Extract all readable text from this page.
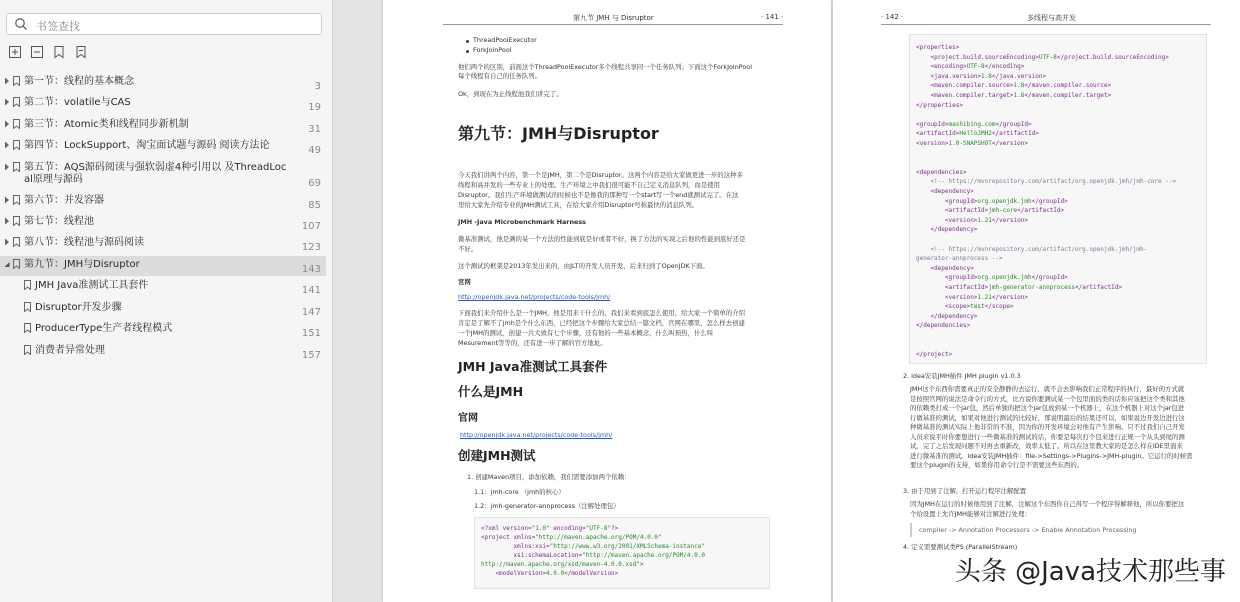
书签查找
第一节：线程的基本概念	3
第二节：volatile与CAS	19
第三节：Atomic类和线程同步新机制	31
第四节：LockSupport、淘宝面试题与源码 阅读方法论	49
第五节：AQS源码阅读与强软弱虚4种引用以 及ThreadLoc
al原理与源码	69
第六节：并发容器	85
第七节：线程池	107
第八节：线程池与源码阅读	123
第九节：JMH与Disruptor	143
JMH Java准测试工具套件	141
Disruptor开发步骤	147
ProducerType生产者线程模式	151
消费者异常处理	157
第九节 JMH 与 Disruptor	· 141 ·
ThreadPoolExecutor
ForkJoinPool
他们两个的区别，前面这个ThreadPoolExecutor多个线程共享同一个任务队列；下面这个ForkJoinPool
每个线程有自己的任务队列。
Ok，到现在为止线程池我们讲完了。
第九节：JMH与Disruptor
今天我们讲两个内容，第一个是JMH，第二个是Disruptor。这两个内容是给大家做更进一步的这种多
线程和高并发的一些专业上的处理。生产环境之中我们很可能不自己定义消息队列，而是使用
Disruptor。我们生产环境做测试的时候也不是像我的那种写一个start写一个end就测试完了。在这
里给大家先介绍专业的JMH测试工具，在给大家介绍Disruptor号称最快的消息队列。
JMH -Java Microbenchmark Harness
微基准测试，他是测的某一个方法的性能到底是好或者不好，换了方法的实现之后他的性能到底好还是
不好。
这个测试的框架是2013年发出来的，由JLT的开发人员开发，后来归到了OpenJDK下面。
官网
http://openjdk.java.net/projects/code-tools/jmh/
下面我们来介绍什么是一个JMH，他是用来干什么的，我们来看到底怎么使用，给大家一个简单的介绍
肯定是了解不了jmh是个什么东西，已经把这个步骤给大家总结一篇文档，官网在哪里，怎么样去创建
一个JMH的测试，创建一共大致有七个步骤，还有他的一些基本概念，什么叫预热，什么叫
Mesurement等等的，还有进一步了解的官方地址。
JMH Java准测试工具套件
什么是JMH
官网
http://openjdk.java.net/projects/code-tools/jmh/
创建JMH测试
1. 创建Maven项目，添加依赖，我们需要添加两个依赖：
1.1：jmh-core （jmh的核心）
1.2：jmh-generator-annprocess（注解处理包）
<?xml version="1.0" encoding="UTF-8"?>
<project xmlns="http://maven.apache.org/POM/4.0.0"
xmlns:xsi="http://www.w3.org/2001/XMLSchema-instance"
xsi:schemaLocation="http://maven.apache.org/POM/4.0.0
http://maven.apache.org/xsd/maven-4.0.0.xsd">
<modelVersion>4.0.0</modelVersion>
· 142 ·	多线程与高并发
<properties>
<project.build.sourceEncoding>UTF-8</project.build.sourceEncoding>
<encoding>UTF-8</encoding>
<java.version>1.8</java.version>
<maven.compiler.source>1.8</maven.compiler.source>
<maven.compiler.target>1.8</maven.compiler.target>
</properties>
<groupId>mashibing.com</groupId>
<artifactId>HelloJMH2</artifactId>
<version>1.0-SNAPSHOT</version>
<dependencies>
<!-- https://mvnrepository.com/artifact/org.openjdk.jmh/jmh-core -->
<dependency>
<groupId>org.openjdk.jmh</groupId>
<artifactId>jmh-core</artifactId>
<version>1.21</version>
</dependency>
<!-- https://mvnrepository.com/artifact/org.openjdk.jmh/jmh-
generator-annprocess -->
<dependency>
<groupId>org.openjdk.jmh</groupId>
<artifactId>jmh-generator-annprocess</artifactId>
<version>1.21</version>
<scope>test</scope>
</dependency>
</dependencies>
</project>
2. idea安装JMH插件 JMH plugin v1.0.3
JMH这个东西你需要真正的安全静静的去运行，就不会去影响我们正常程序的执行，最好的方式就
是按照官网的说法是命令行的方式，比方说你要测试某一个包里面的类的话你应该把这个类和其他
的依赖类打成一个jar包，然后单独的把这个jar包放到某一个机器上，在这个机器上对这个jar包进
行微基准的测试，如果对他进行测试的比较好，那说明最后的结果还可以，如果说边开发边进行这
种微基准的测试实际上他非常的不准，因为你的开发环境会对他有产生影响。只不过我们自己开发
人员来说平时你要想进行一些微基准的测试的话，你要是每次打个包来进行正规一个从头到尾的测
试，完了之后发现问题不对再去重新改，效率太低了。所以在这里教大家的是怎么样在IDE里面来
进行微基准的测试。idea安装JMH插件：file->Settings->Plugins->JMH-plugin。它运行的时候需
要这个plugin的支持，如果你用命令行是不需要这些东西的。
3. 由于用到了注解，打开运行程序注解配置
因为JMH在运行的时候他用到了注解，注解这个东西你自己得写一个程序得解释他，所以你要把这
个给设置上允许JMH能够对注解进行处理：
compiler -> Annotation Processors -> Enable Annotation Processing
4. 定义需要测试类PS (ParallelStream)
头条 @Java技术那些事
